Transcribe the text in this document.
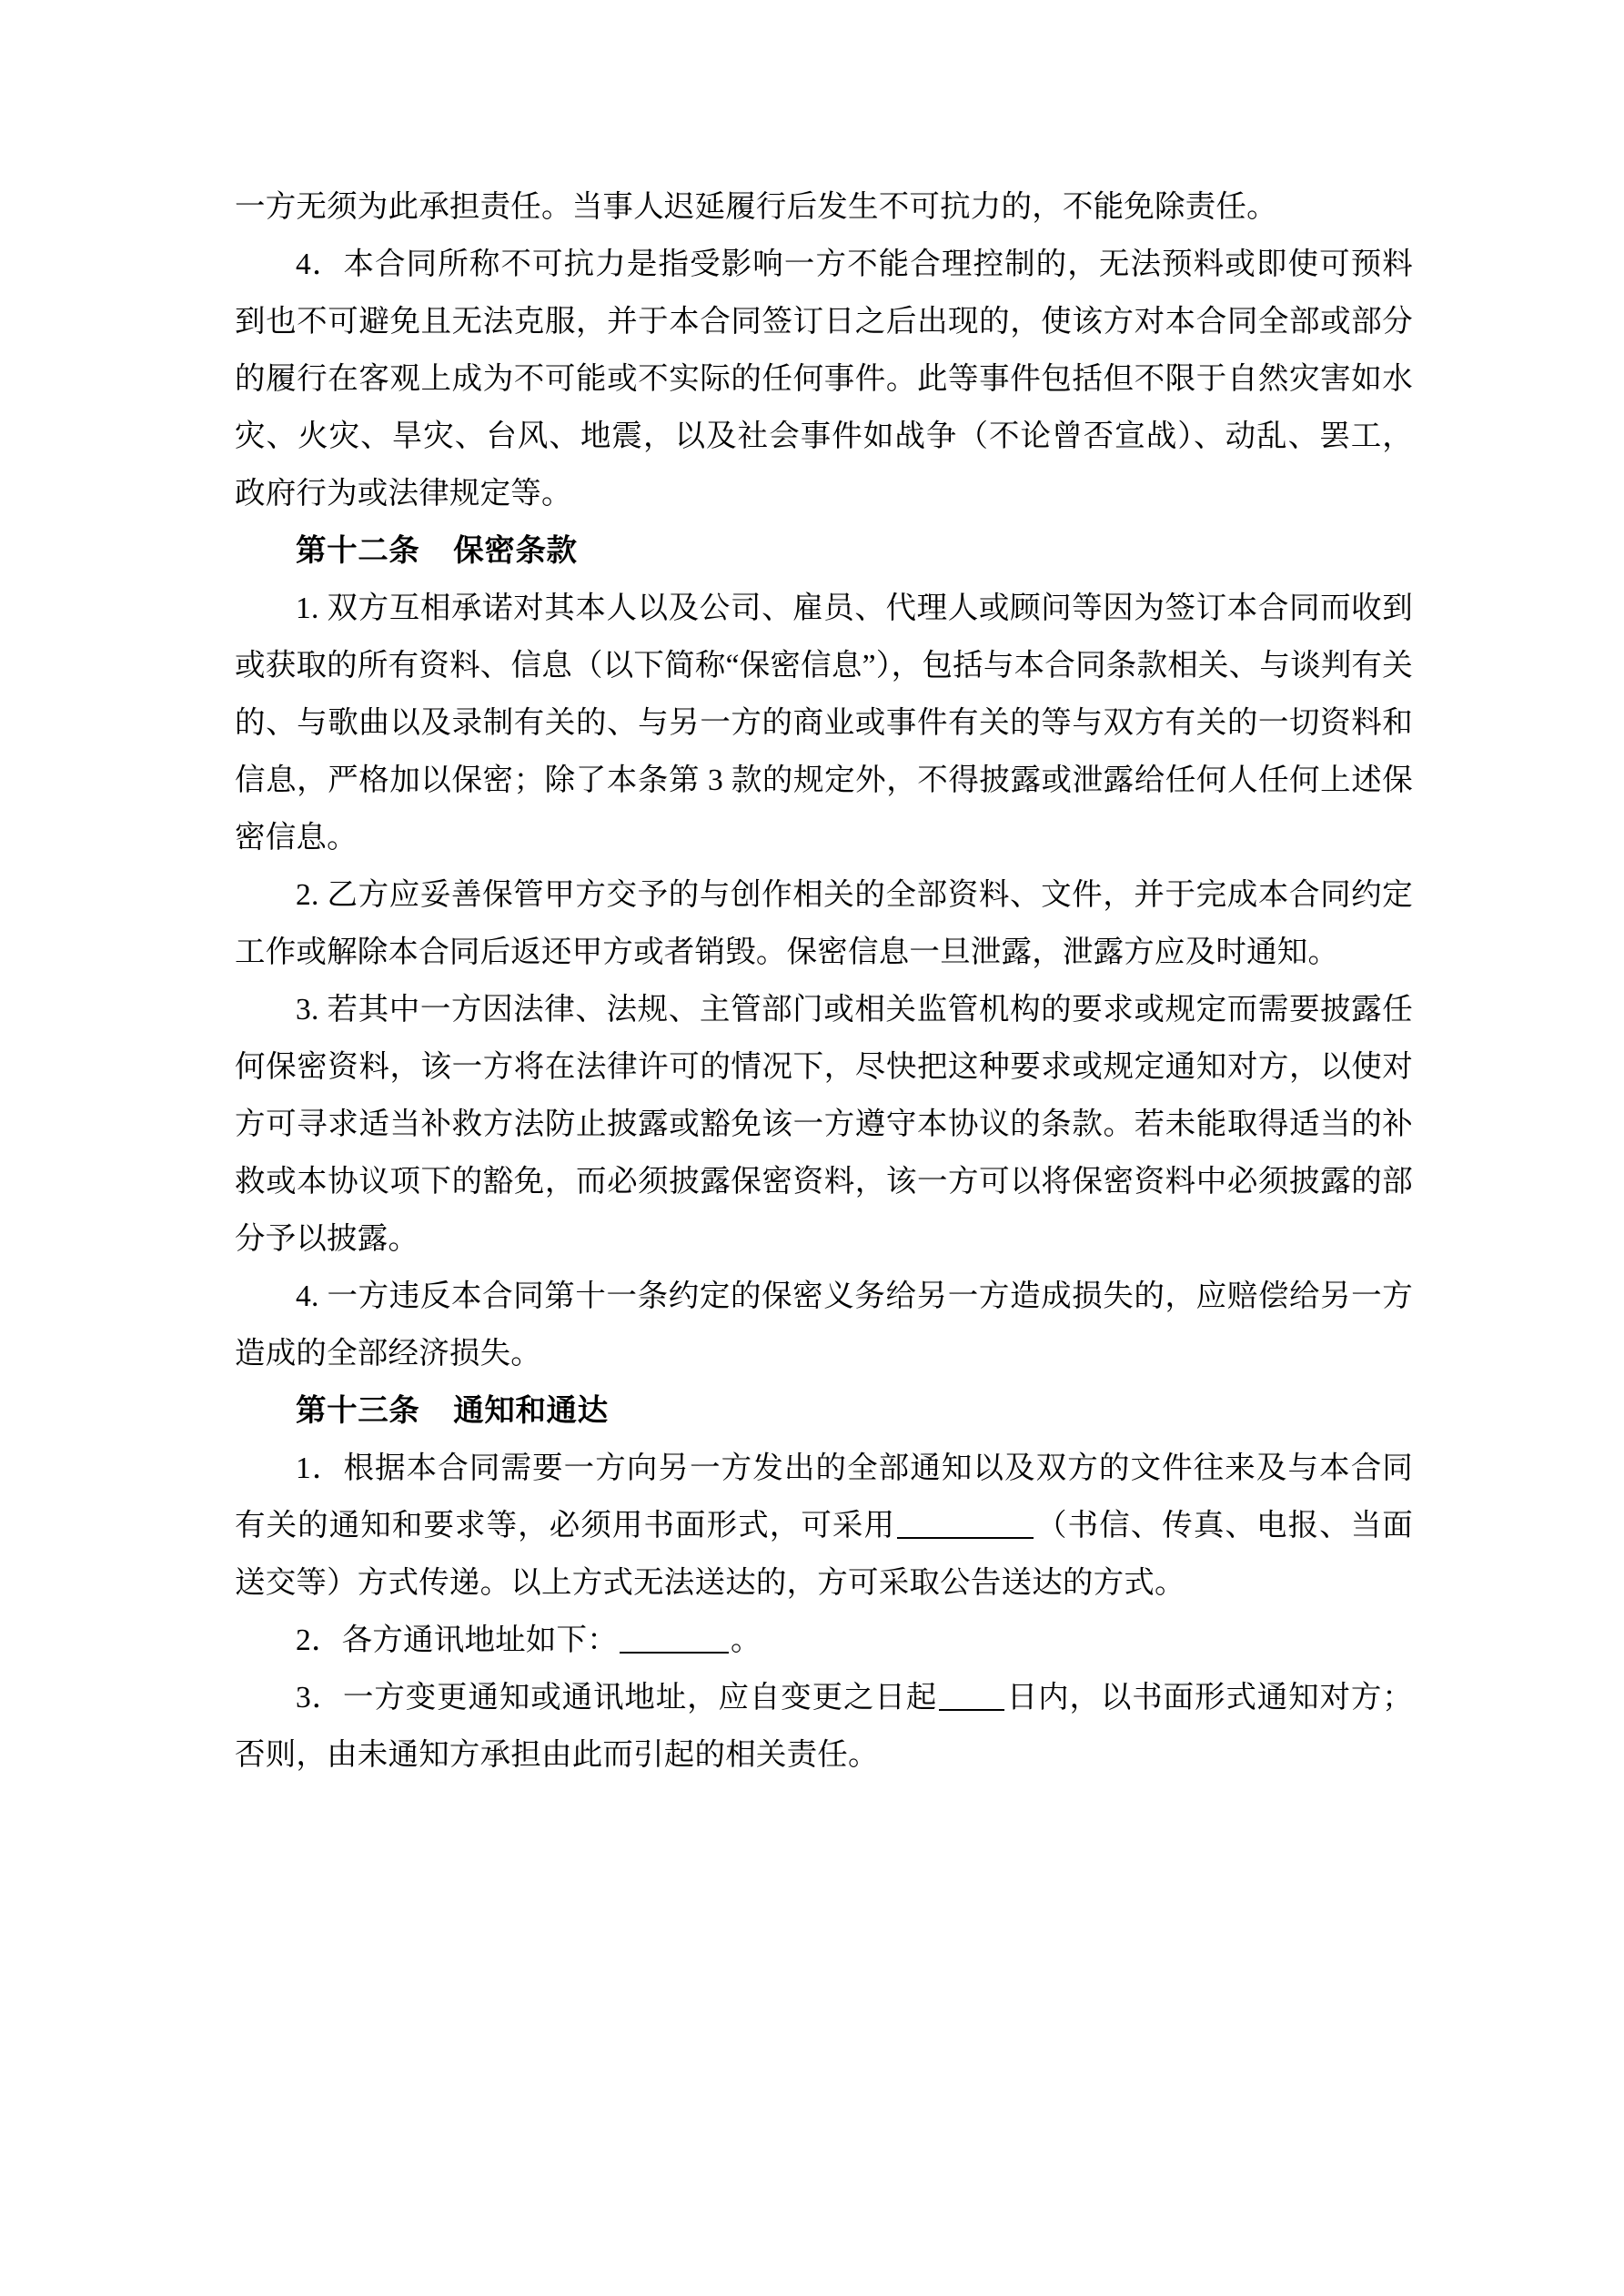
一方无须为此承担责任。当事人迟延履行后发生不可抗力的，不能免除责任。

4．本合同所称不可抗力是指受影响一方不能合理控制的，无法预料或即使可预料到也不可避免且无法克服，并于本合同签订日之后出现的，使该方对本合同全部或部分的履行在客观上成为不可能或不实际的任何事件。此等事件包括但不限于自然灾害如水灾、火灾、旱灾、台风、地震，以及社会事件如战争（不论曾否宣战）、动乱、罢工，政府行为或法律规定等。

第十二条 保密条款

1. 双方互相承诺对其本人以及公司、雇员、代理人或顾问等因为签订本合同而收到或获取的所有资料、信息（以下简称“保密信息”），包括与本合同条款相关、与谈判有关的、与歌曲以及录制有关的、与另一方的商业或事件有关的等与双方有关的一切资料和信息，严格加以保密；除了本条第 3 款的规定外，不得披露或泄露给任何人任何上述保密信息。

2. 乙方应妥善保管甲方交予的与创作相关的全部资料、文件，并于完成本合同约定工作或解除本合同后返还甲方或者销毁。保密信息一旦泄露，泄露方应及时通知。

3. 若其中一方因法律、法规、主管部门或相关监管机构的要求或规定而需要披露任何保密资料，该一方将在法律许可的情况下，尽快把这种要求或规定通知对方，以使对方可寻求适当补救方法防止披露或豁免该一方遵守本协议的条款。若未能取得适当的补救或本协议项下的豁免，而必须披露保密资料，该一方可以将保密资料中必须披露的部分予以披露。

4. 一方违反本合同第十一条约定的保密义务给另一方造成损失的，应赔偿给另一方造成的全部经济损失。

第十三条 通知和通达

1．根据本合同需要一方向另一方发出的全部通知以及双方的文件往来及与本合同有关的通知和要求等，必须用书面形式，可采用	（书信、传真、电报、当面送交等）方式传递。以上方式无法送达的，方可采取公告送达的方式。

2．各方通讯地址如下：	。

3．一方变更通知或通讯地址，应自变更之日起 日内，以书面形式通知对方；否则，由未通知方承担由此而引起的相关责任。
